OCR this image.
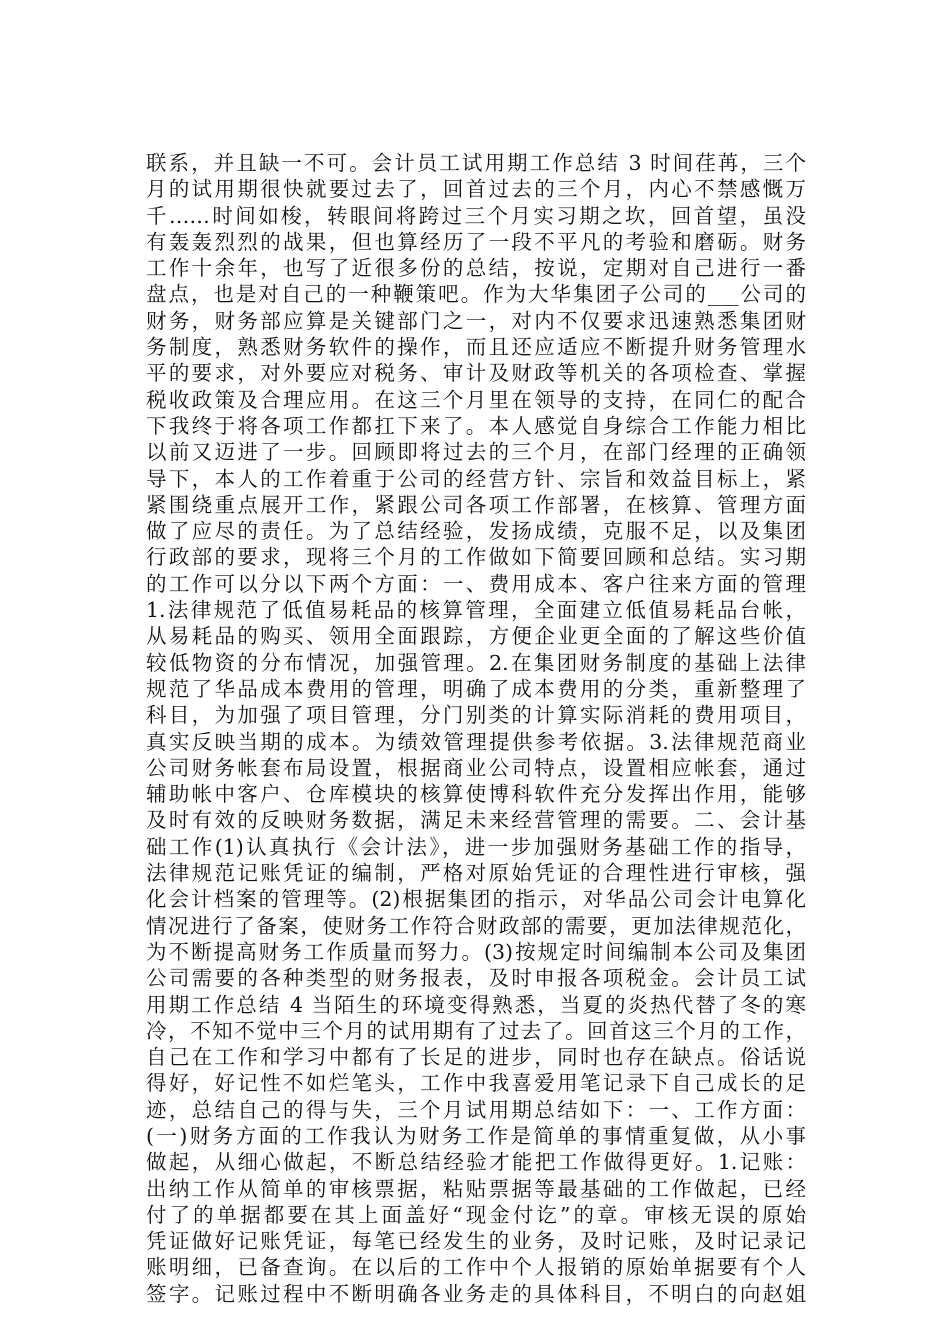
联系，并且缺一不可。会计员工试用期工作总结 3 时间荏苒，三个
月的试用期很快就要过去了，回首过去的三个月，内心不禁感慨万
千……时间如梭，转眼间将跨过三个月实习期之坎，回首望，虽没
有轰轰烈烈的战果，但也算经历了一段不平凡的考验和磨砺。财务
工作十余年，也写了近很多份的总结，按说，定期对自己进行一番
盘点，也是对自己的一种鞭策吧。作为大华集团子公司的___公司的
财务，财务部应算是关键部门之一，对内不仅要求迅速熟悉集团财
务制度，熟悉财务软件的操作，而且还应适应不断提升财务管理水
平的要求，对外要应对税务、审计及财政等机关的各项检查、掌握
税收政策及合理应用。在这三个月里在领导的支持，在同仁的配合
下我终于将各项工作都扛下来了。本人感觉自身综合工作能力相比
以前又迈进了一步。回顾即将过去的三个月，在部门经理的正确领
导下，本人的工作着重于公司的经营方针、宗旨和效益目标上，紧
紧围绕重点展开工作，紧跟公司各项工作部署，在核算、管理方面
做了应尽的责任。为了总结经验，发扬成绩，克服不足，以及集团
行政部的要求，现将三个月的工作做如下简要回顾和总结。实习期
的工作可以分以下两个方面：一、费用成本、客户往来方面的管理
1.法律规范了低值易耗品的核算管理，全面建立低值易耗品台帐，
从易耗品的购买、领用全面跟踪，方便企业更全面的了解这些价值
较低物资的分布情况，加强管理。2.在集团财务制度的基础上法律
规范了华品成本费用的管理，明确了成本费用的分类，重新整理了
科目，为加强了项目管理，分门别类的计算实际消耗的费用项目，
真实反映当期的成本。为绩效管理提供参考依据。3.法律规范商业
公司财务帐套布局设置，根据商业公司特点，设置相应帐套，通过
辅助帐中客户、仓库模块的核算使博科软件充分发挥出作用，能够
及时有效的反映财务数据，满足未来经营管理的需要。二、会计基
础工作(1)认真执行《会计法》，进一步加强财务基础工作的指导，
法律规范记账凭证的编制，严格对原始凭证的合理性进行审核，强
化会计档案的管理等。(2)根据集团的指示，对华品公司会计电算化
情况进行了备案，使财务工作符合财政部的需要，更加法律规范化，
为不断提高财务工作质量而努力。(3)按规定时间编制本公司及集团
公司需要的各种类型的财务报表，及时申报各项税金。会计员工试
用期工作总结 4 当陌生的环境变得熟悉，当夏的炎热代替了冬的寒
冷，不知不觉中三个月的试用期有了过去了。回首这三个月的工作，
自己在工作和学习中都有了长足的进步，同时也存在缺点。俗话说
得好，好记性不如烂笔头，工作中我喜爱用笔记录下自己成长的足
迹，总结自己的得与失，三个月试用期总结如下：一、工作方面：
(一)财务方面的工作我认为财务工作是简单的事情重复做，从小事
做起，从细心做起，不断总结经验才能把工作做得更好。1.记账：
出纳工作从简单的审核票据，粘贴票据等最基础的工作做起，已经
付了的单据都要在其上面盖好“现金付讫”的章。审核无误的原始
凭证做好记账凭证，每笔已经发生的业务，及时记账，及时记录记
账明细，已备查询。在以后的工作中个人报销的原始单据要有个人
签字。记账过程中不断明确各业务走的具体科目，不明白的向赵姐
